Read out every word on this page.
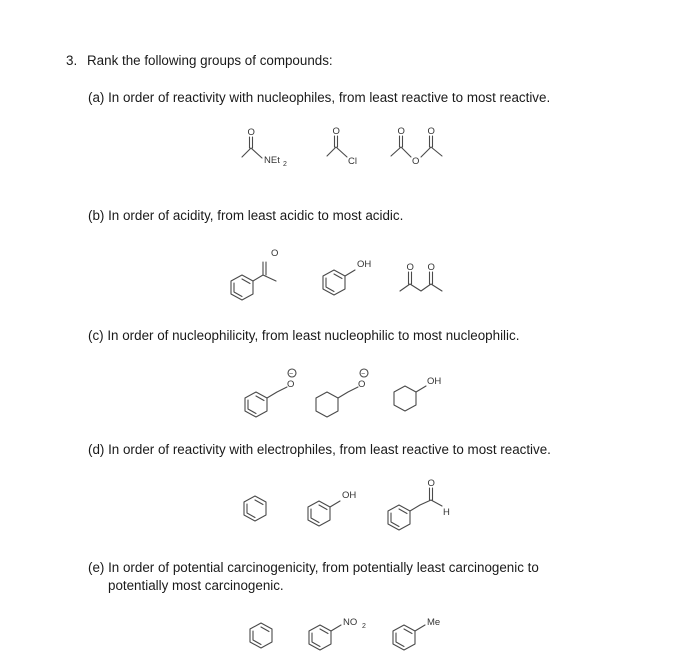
3. Rank the following groups of compounds:
(a) In order of reactivity with nucleophiles, from least reactive to most reactive.
(b) In order of acidity, from least acidic to most acidic.
(c) In order of nucleophilicity, from least nucleophilic to most nucleophilic.
(d) In order of reactivity with electrophiles, from least reactive to most reactive.
(e) In order of potential carcinogenicity, from potentially least carcinogenic to
potentially most carcinogenic.
O
NEt 2
O
Cl
O O
O
O
OH	O O
O
−
O
−
OH
OH
O
H
NO 2	Me
